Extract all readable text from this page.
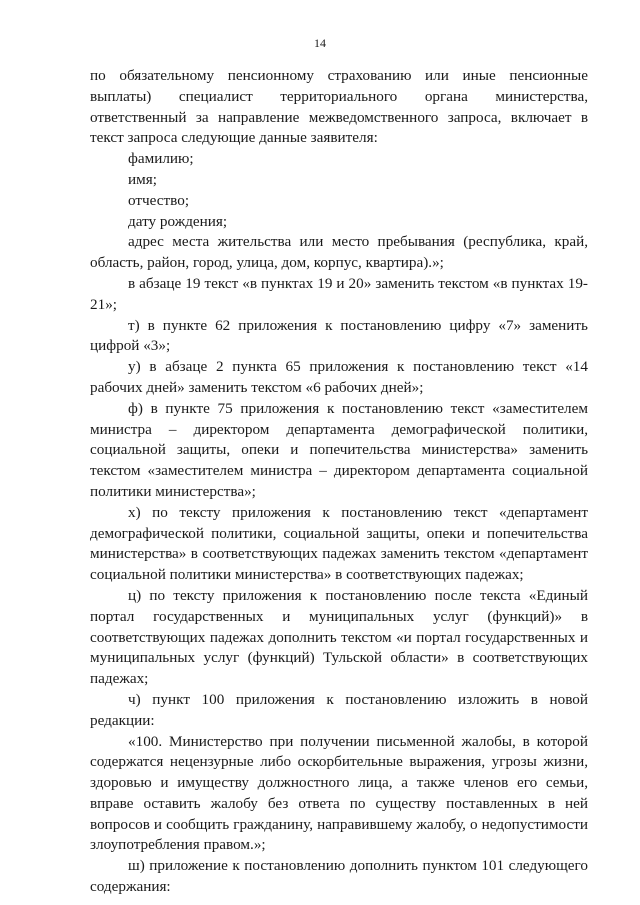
14

по обязательному пенсионному страхованию или иные пенсионные выплаты) специалист территориального органа министерства, ответственный за направление межведомственного запроса, включает в текст запроса следующие данные заявителя:

фамилию;

имя;

отчество;

дату рождения;

адрес места жительства или место пребывания (республика, край, область, район, город, улица, дом, корпус, квартира).»;

в абзаце 19 текст «в пунктах 19 и 20» заменить текстом «в пунктах 19-21»;

т) в пункте 62 приложения к постановлению цифру «7» заменить цифрой «3»;

у) в абзаце 2 пункта 65 приложения к постановлению текст «14 рабочих дней» заменить текстом «6 рабочих дней»;

ф) в пункте 75 приложения к постановлению текст «заместителем министра – директором департамента демографической политики, социальной защиты, опеки и попечительства министерства» заменить текстом «заместителем министра – директором департамента социальной политики министерства»;

х) по тексту приложения к постановлению текст «департамент демографической политики, социальной защиты, опеки и попечительства министерства» в соответствующих падежах заменить текстом «департамент социальной политики министерства» в соответствующих падежах;

ц) по тексту приложения к постановлению после текста «Единый портал государственных и муниципальных услуг (функций)» в соответствующих падежах дополнить текстом «и портал государственных и муниципальных услуг (функций) Тульской области» в соответствующих падежах;

ч) пункт 100 приложения к постановлению изложить в новой редакции:

«100. Министерство при получении письменной жалобы, в которой содержатся нецензурные либо оскорбительные выражения, угрозы жизни, здоровью и имуществу должностного лица, а также членов его семьи, вправе оставить жалобу без ответа по существу поставленных в ней вопросов и сообщить гражданину, направившему жалобу, о недопустимости злоупотребления правом.»;

ш) приложение к постановлению дополнить пунктом 101 следующего содержания:
